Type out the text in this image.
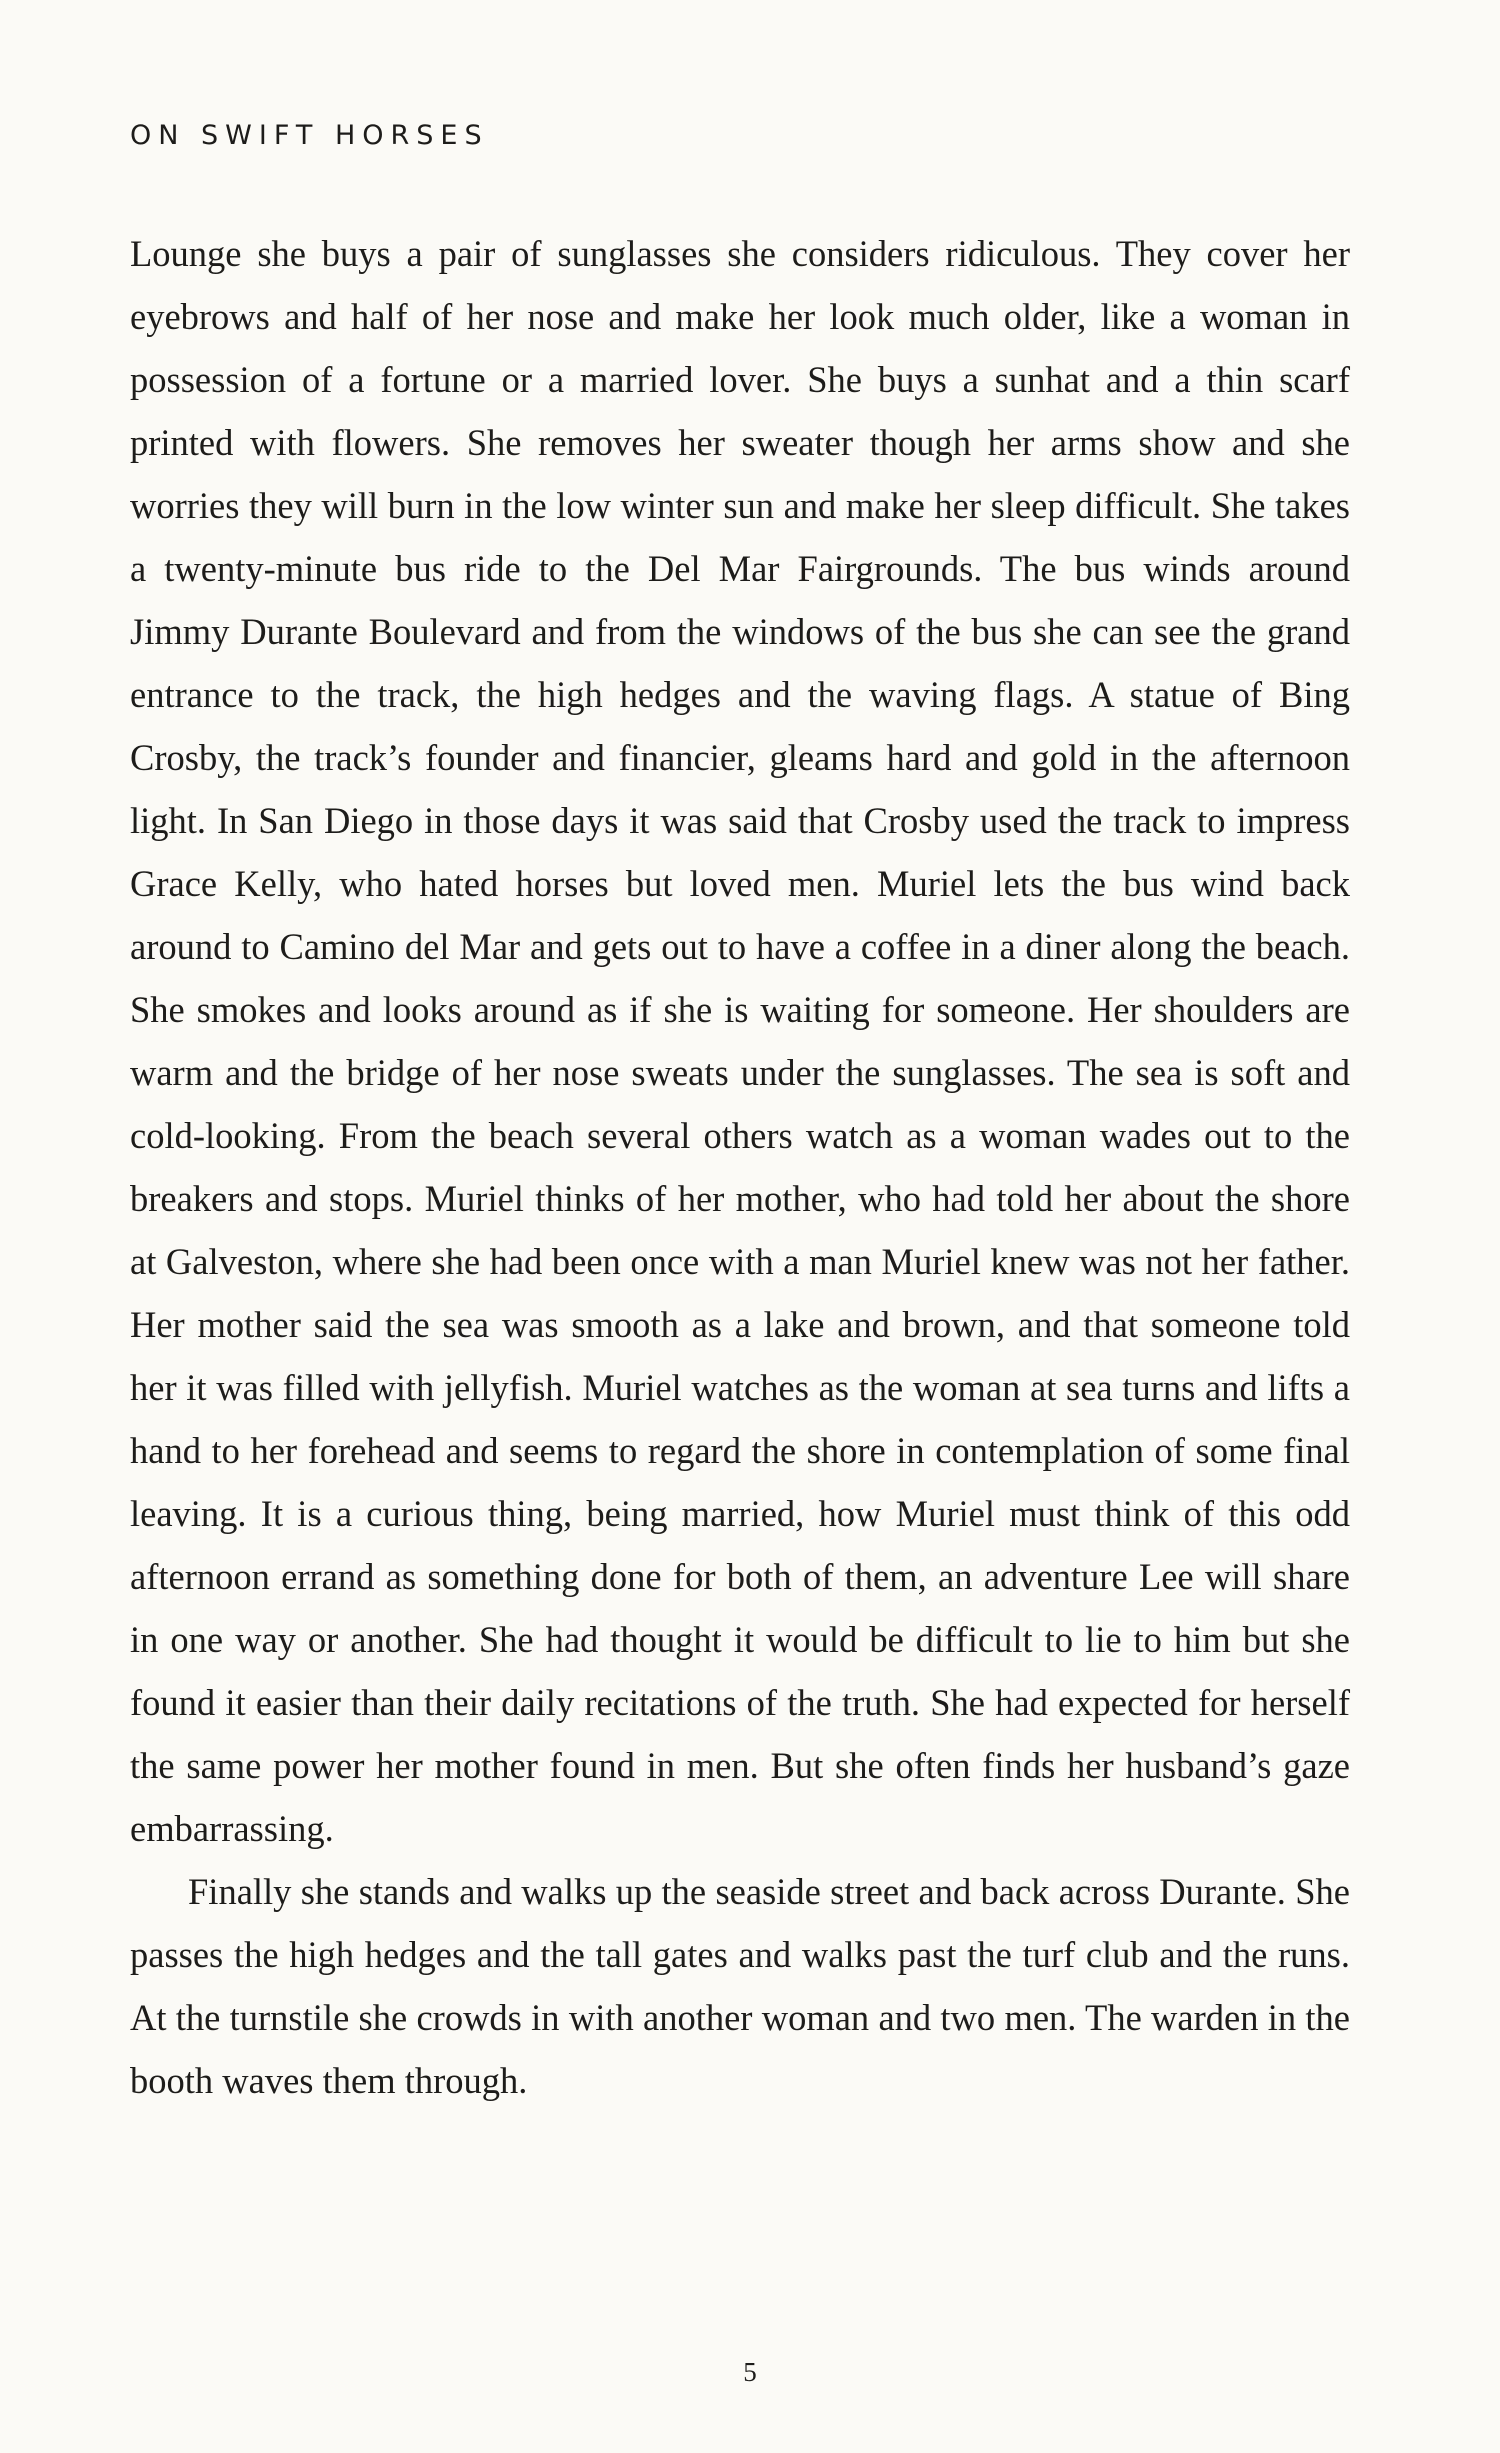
ON SWIFT HORSES

Lounge she buys a pair of sunglasses she considers ridiculous. They cover her eyebrows and half of her nose and make her look much older, like a woman in possession of a fortune or a married lover. She buys a sunhat and a thin scarf printed with flowers. She removes her sweater though her arms show and she worries they will burn in the low winter sun and make her sleep difficult. She takes a twenty-minute bus ride to the Del Mar Fairgrounds. The bus winds around Jimmy Durante Boulevard and from the windows of the bus she can see the grand entrance to the track, the high hedges and the waving flags. A statue of Bing Crosby, the track’s founder and financier, gleams hard and gold in the afternoon light. In San Diego in those days it was said that Crosby used the track to impress Grace Kelly, who hated horses but loved men. Muriel lets the bus wind back around to Camino del Mar and gets out to have a coffee in a diner along the beach. She smokes and looks around as if she is waiting for someone. Her shoulders are warm and the bridge of her nose sweats under the sunglasses. The sea is soft and cold-looking. From the beach several others watch as a woman wades out to the breakers and stops. Muriel thinks of her mother, who had told her about the shore at Galveston, where she had been once with a man Muriel knew was not her father. Her mother said the sea was smooth as a lake and brown, and that someone told her it was filled with jellyfish. Muriel watches as the woman at sea turns and lifts a hand to her forehead and seems to regard the shore in contemplation of some final leaving. It is a curious thing, being married, how Muriel must think of this odd afternoon errand as something done for both of them, an adventure Lee will share in one way or another. She had thought it would be difficult to lie to him but she found it easier than their daily recitations of the truth. She had expected for herself the same power her mother found in men. But she often finds her husband’s gaze embarrassing.

Finally she stands and walks up the seaside street and back across Durante. She passes the high hedges and the tall gates and walks past the turf club and the runs. At the turnstile she crowds in with another woman and two men. The warden in the booth waves them through.

5
